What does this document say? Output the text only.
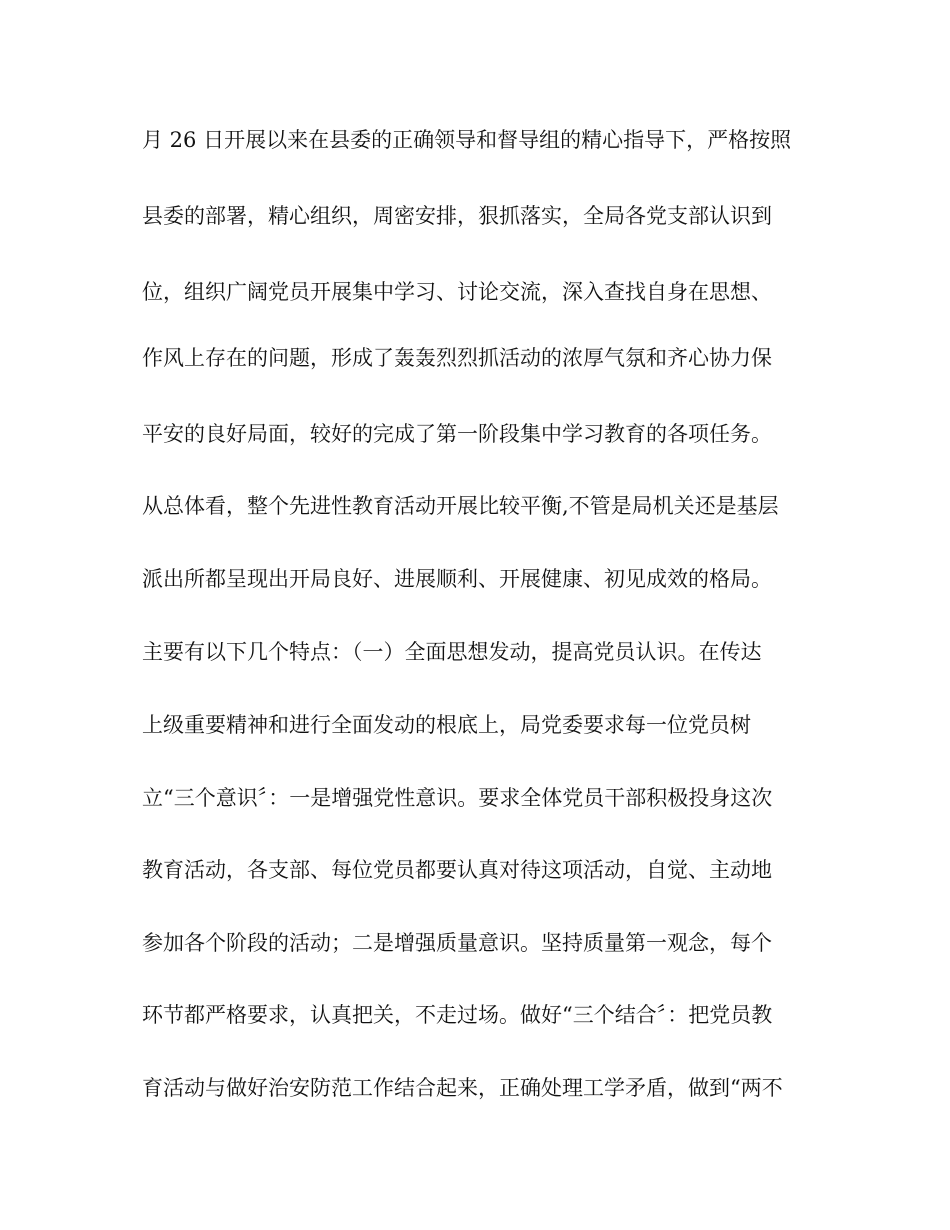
月 26 日开展以来在县委的正确领导和督导组的精心指导下，严格按照
县委的部署，精心组织，周密安排，狠抓落实，全局各党支部认识到
位，组织广阔党员开展集中学习、讨论交流，深入查找自身在思想、
作风上存在的问题，形成了轰轰烈烈抓活动的浓厚气氛和齐心协力保
平安的良好局面，较好的完成了第一阶段集中学习教育的各项任务。
从总体看，整个先进性教育活动开展比较平衡,不管是局机关还是基层
派出所都呈现出开局良好、进展顺利、开展健康、初见成效的格局。
主要有以下几个特点：（一）全面思想发动，提高党员认识。在传达
上级重要精神和进行全面发动的根底上，局党委要求每一位党员树
立“三个意识〞：一是增强党性意识。要求全体党员干部积极投身这次
教育活动，各支部、每位党员都要认真对待这项活动，自觉、主动地
参加各个阶段的活动；二是增强质量意识。坚持质量第一观念，每个
环节都严格要求，认真把关，不走过场。做好“三个结合〞：把党员教
育活动与做好治安防范工作结合起来，正确处理工学矛盾，做到“两不
